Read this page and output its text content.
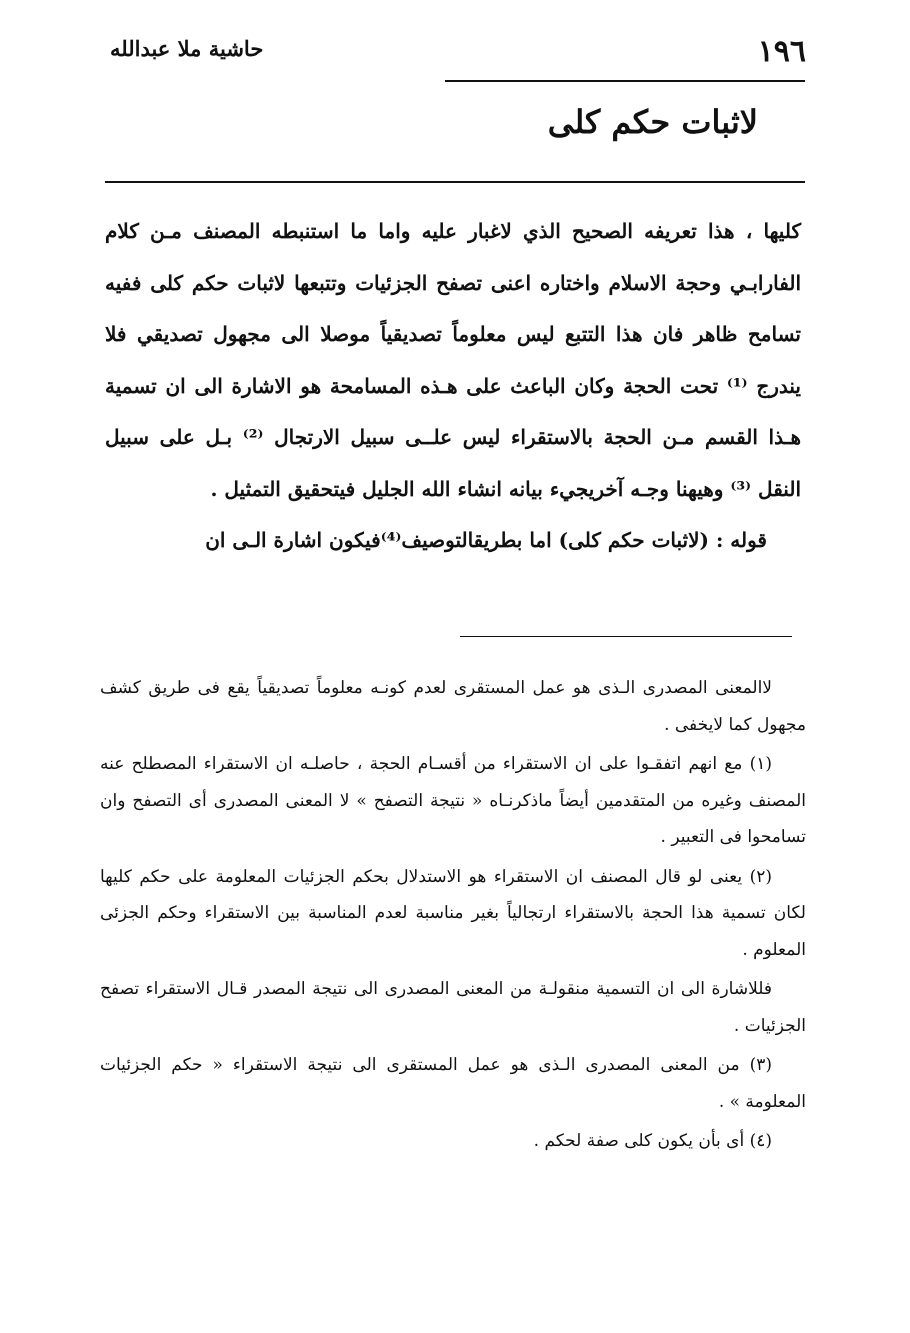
١٩٦
حاشية ملا عبدالله
لاثبات حكم كلى

كليها ، هذا تعريفه الصحيح الذي لاغبار عليه واما ما استنبطه المصنف مـن كلام الفارابـي وحجة الاسلام واختاره اعنى تصفح الجزئيات وتتبعها لاثبات حكم كلى ففيه تسامح ظاهر فان هذا التتبع ليس معلوماً تصديقياً موصلا الى مجهول تصديقي فلا يندرج ⁽¹⁾ تحت الحجة وكان الباعث على هـذه المسامحة هو الاشارة الى ان تسمية هـذا القسم مـن الحجة بالاستقراء ليس علــى سبيل الارتجال ⁽²⁾ بـل على سبيل النقل ⁽³⁾ وهيهنا وجـه آخريجيء بيانه انشاء الله الجليل فيتحقيق التمثيل .

قوله : (لاثبات حكم كلى) اما بطريقالتوصيف⁽⁴⁾فيكون اشارة الـى ان

لاالمعنى المصدرى الـذى هو عمل المستقرى لعدم كونـه معلوماً تصديقياً يقع فى طريق كشف مجهول كما لايخفى .

(١) مع انهم اتفقـوا على ان الاستقراء من أقسـام الحجة ، حاصلـه ان الاستقراء المصطلح عنه المصنف وغيره من المتقدمين أيضاً ماذكرنـاه « نتيجة التصفح » لا المعنى المصدرى أى التصفح وان تسامحوا فى التعبير .

(٢) يعنى لو قال المصنف ان الاستقراء هو الاستدلال بحكم الجزئيات المعلومة على حكم كليها لكان تسمية هذا الحجة بالاستقراء ارتجالياً بغير مناسبة لعدم المناسبة بين الاستقراء وحكم الجزئى المعلوم .

فللاشارة الى ان التسمية منقولـة من المعنى المصدرى الى نتيجة المصدر قـال الاستقراء تصفح الجزئيات .

(٣) من المعنى المصدرى الـذى هو عمل المستقرى الى نتيجة الاستقراء « حكم الجزئيات المعلومة » .

(٤) أى بأن يكون كلى صفة لحكم .
